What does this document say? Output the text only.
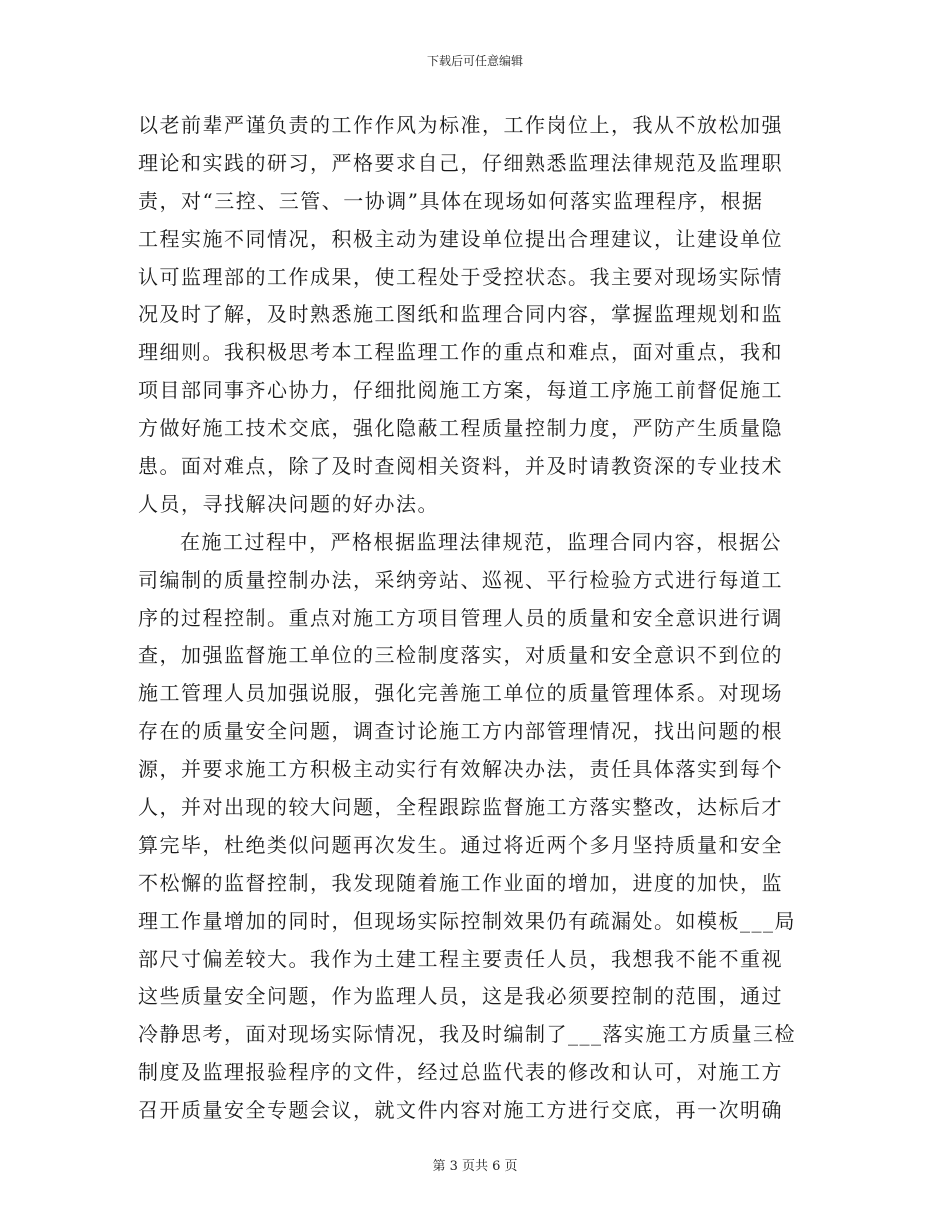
下载后可任意编辑
以老前辈严谨负责的工作作风为标准，工作岗位上，我从不放松加强
理论和实践的研习，严格要求自己，仔细熟悉监理法律规范及监理职
责，对“三控、三管、一协调”具体在现场如何落实监理程序，根据
工程实施不同情况，积极主动为建设单位提出合理建议，让建设单位
认可监理部的工作成果，使工程处于受控状态。我主要对现场实际情
况及时了解，及时熟悉施工图纸和监理合同内容，掌握监理规划和监
理细则。我积极思考本工程监理工作的重点和难点，面对重点，我和
项目部同事齐心协力，仔细批阅施工方案，每道工序施工前督促施工
方做好施工技术交底，强化隐蔽工程质量控制力度，严防产生质量隐
患。面对难点，除了及时查阅相关资料，并及时请教资深的专业技术
人员，寻找解决问题的好办法。
在施工过程中，严格根据监理法律规范，监理合同内容，根据公
司编制的质量控制办法，采纳旁站、巡视、平行检验方式进行每道工
序的过程控制。重点对施工方项目管理人员的质量和安全意识进行调
查，加强监督施工单位的三检制度落实，对质量和安全意识不到位的
施工管理人员加强说服，强化完善施工单位的质量管理体系。对现场
存在的质量安全问题，调查讨论施工方内部管理情况，找出问题的根
源，并要求施工方积极主动实行有效解决办法，责任具体落实到每个
人，并对出现的较大问题，全程跟踪监督施工方落实整改，达标后才
算完毕，杜绝类似问题再次发生。通过将近两个多月坚持质量和安全
不松懈的监督控制，我发现随着施工作业面的增加，进度的加快，监
理工作量增加的同时，但现场实际控制效果仍有疏漏处。如模板___局
部尺寸偏差较大。我作为土建工程主要责任人员，我想我不能不重视
这些质量安全问题，作为监理人员，这是我必须要控制的范围，通过
冷静思考，面对现场实际情况，我及时编制了___落实施工方质量三检
制度及监理报验程序的文件，经过总监代表的修改和认可，对施工方
召开质量安全专题会议，就文件内容对施工方进行交底，再一次明确
第 3 页共 6 页
